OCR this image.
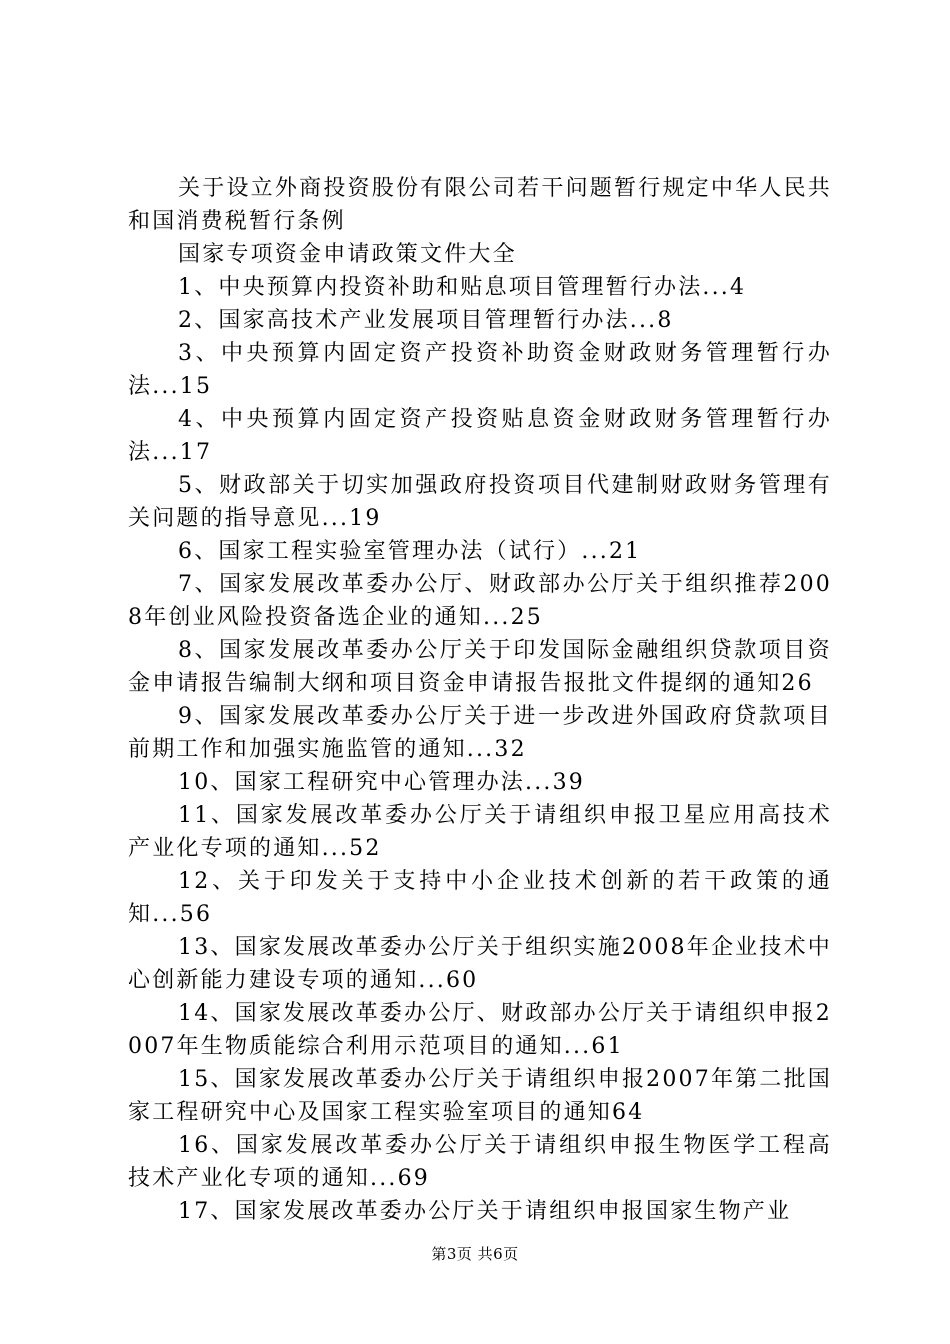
关于设立外商投资股份有限公司若干问题暂行规定中华人民共和国消费税暂行条例

国家专项资金申请政策文件大全

1、中央预算内投资补助和贴息项目管理暂行办法...4

2、国家高技术产业发展项目管理暂行办法...8

3、中央预算内固定资产投资补助资金财政财务管理暂行办法...15

4、中央预算内固定资产投资贴息资金财政财务管理暂行办法...17

5、财政部关于切实加强政府投资项目代建制财政财务管理有关问题的指导意见...19

6、国家工程实验室管理办法（试行）...21

7、国家发展改革委办公厅、财政部办公厅关于组织推荐2008年创业风险投资备选企业的通知...25

8、国家发展改革委办公厅关于印发国际金融组织贷款项目资金申请报告编制大纲和项目资金申请报告报批文件提纲的通知26

9、国家发展改革委办公厅关于进一步改进外国政府贷款项目前期工作和加强实施监管的通知...32

10、国家工程研究中心管理办法...39

11、国家发展改革委办公厅关于请组织申报卫星应用高技术产业化专项的通知...52

12、关于印发关于支持中小企业技术创新的若干政策的通知...56

13、国家发展改革委办公厅关于组织实施2008年企业技术中心创新能力建设专项的通知...60

14、国家发展改革委办公厅、财政部办公厅关于请组织申报2007年生物质能综合利用示范项目的通知...61

15、国家发展改革委办公厅关于请组织申报2007年第二批国家工程研究中心及国家工程实验室项目的通知64

16、国家发展改革委办公厅关于请组织申报生物医学工程高技术产业化专项的通知...69

17、国家发展改革委办公厅关于请组织申报国家生物产业

第3页 共6页
